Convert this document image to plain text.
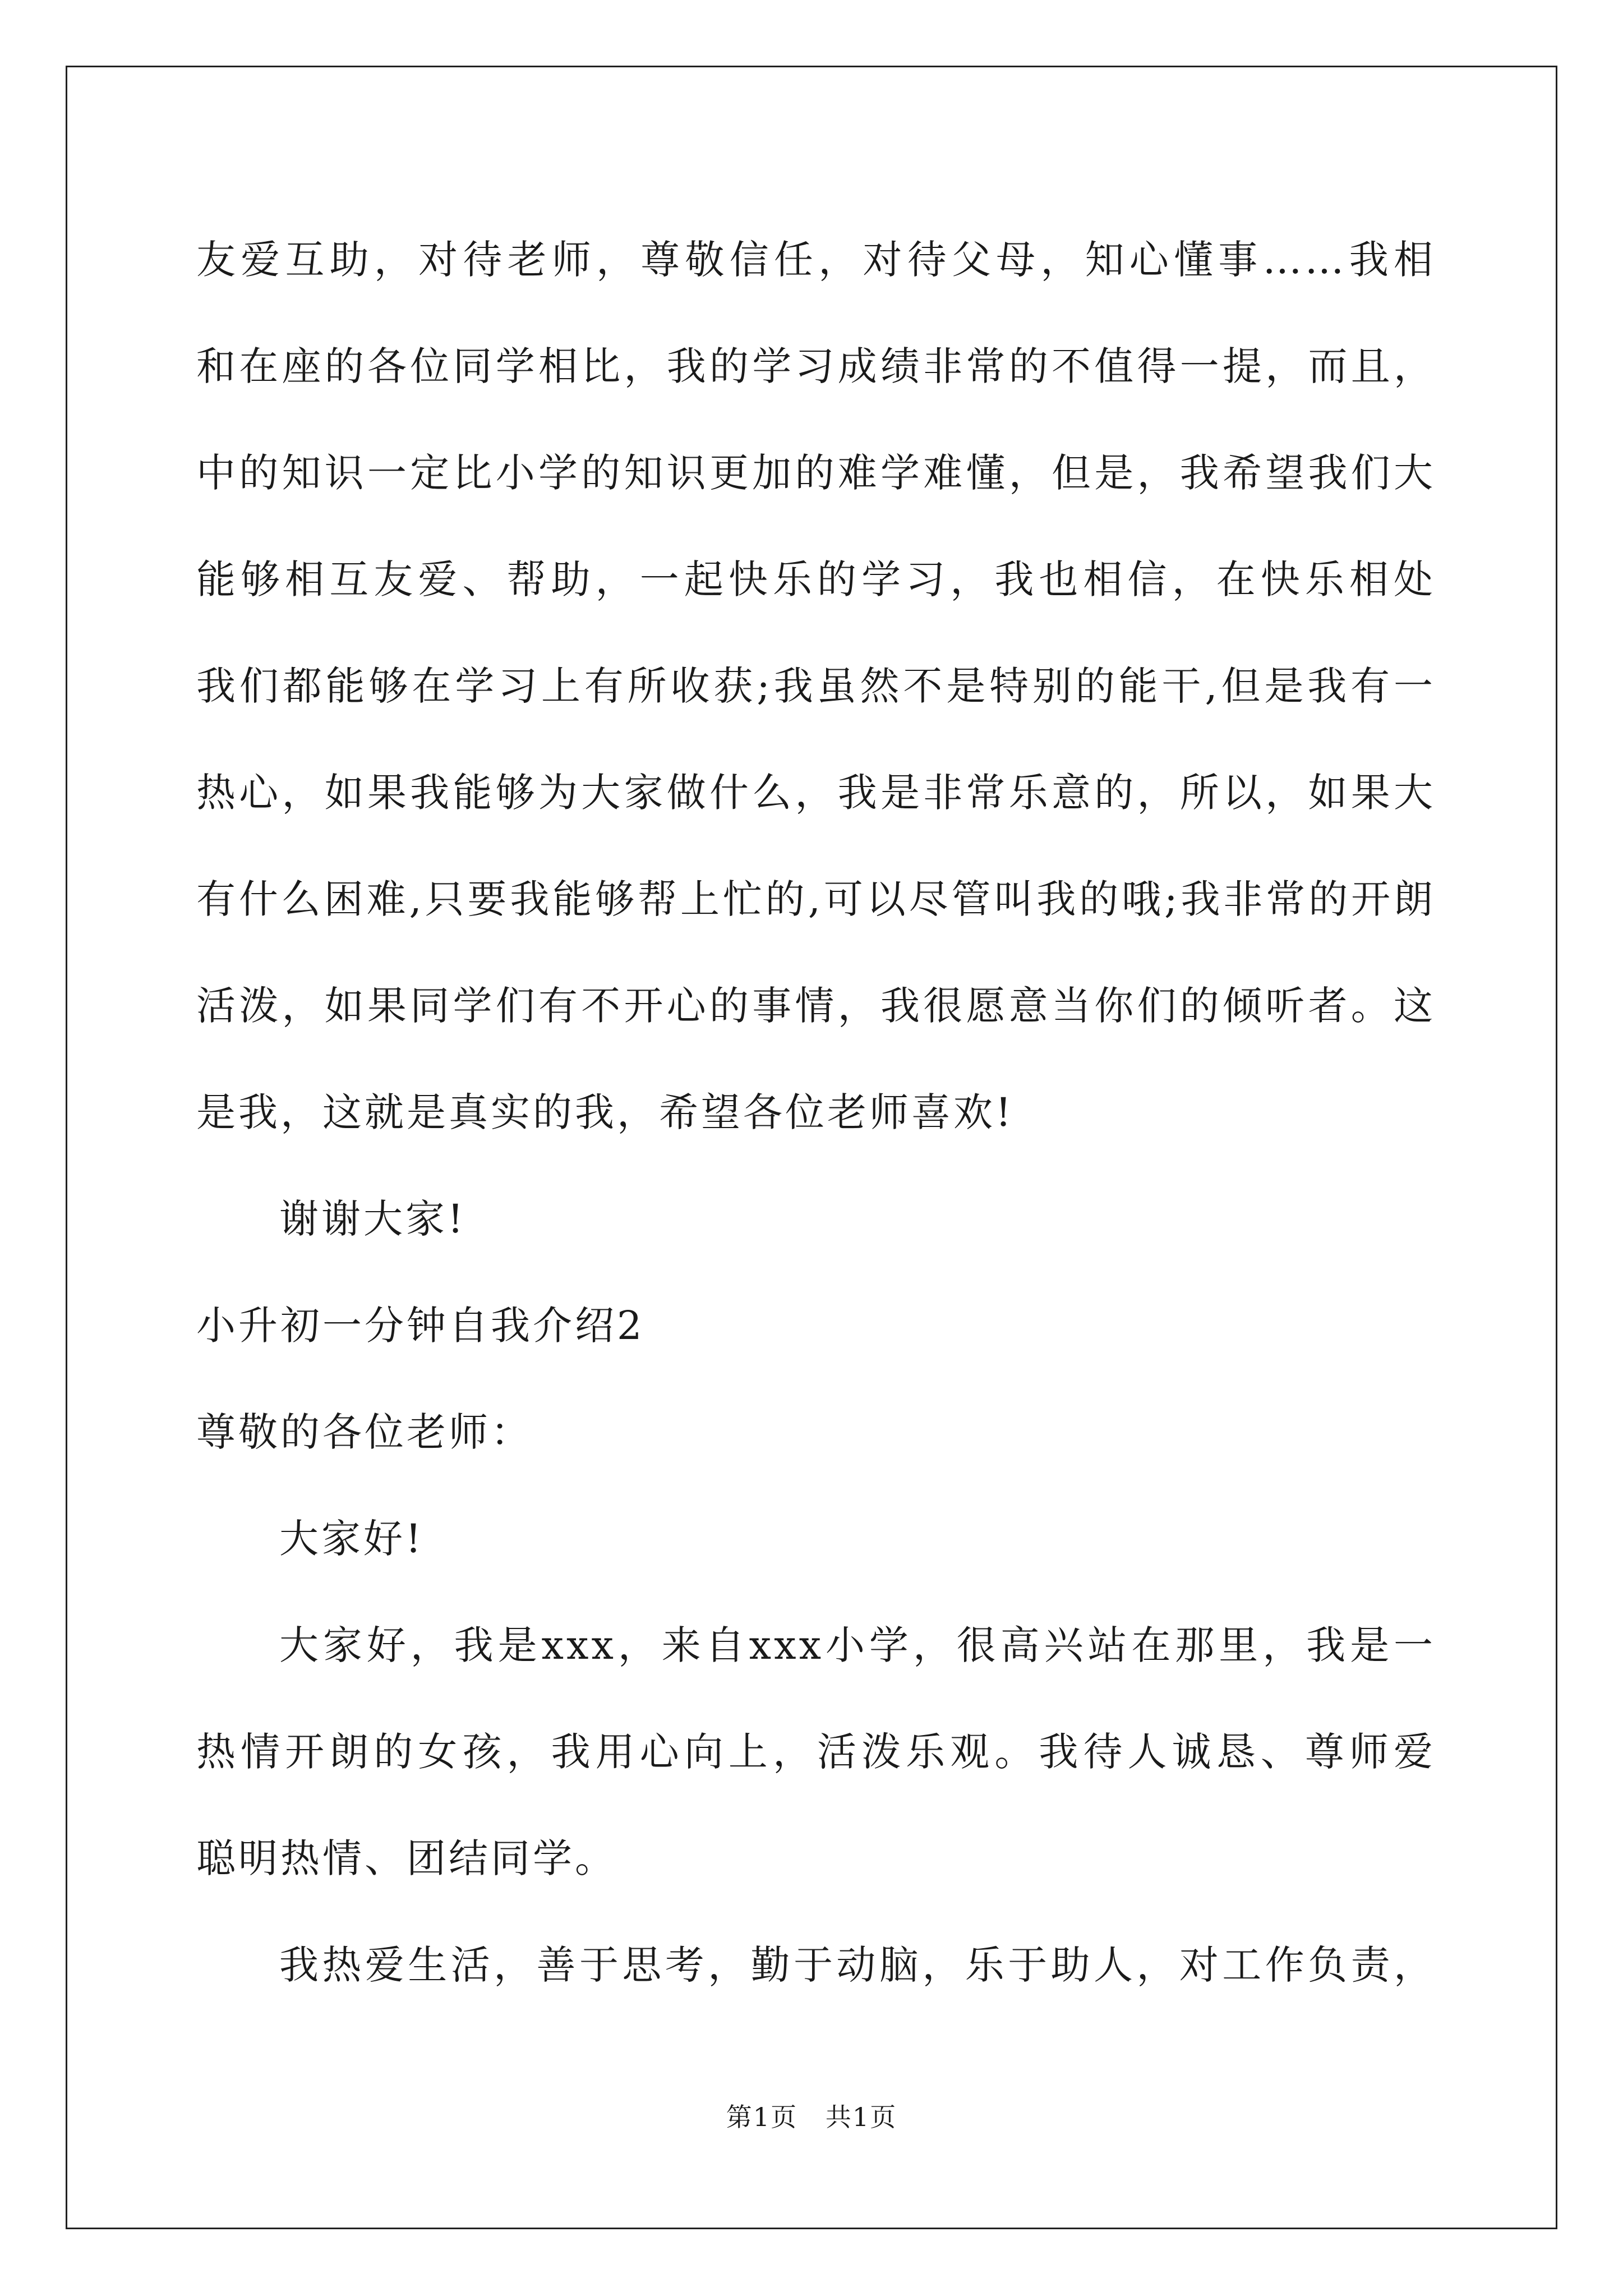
友爱互助，对待老师，尊敬信任，对待父母，知心懂事……我相
和在座的各位同学相比，我的学习成绩非常的不值得一提，而且，
中的知识一定比小学的知识更加的难学难懂，但是，我希望我们大
能够相互友爱、帮助，一起快乐的学习，我也相信，在快乐相处
我们都能够在学习上有所收获;我虽然不是特别的能干,但是我有一
热心，如果我能够为大家做什么，我是非常乐意的，所以，如果大
有什么困难,只要我能够帮上忙的,可以尽管叫我的哦;我非常的开朗
活泼，如果同学们有不开心的事情，我很愿意当你们的倾听者。这
是我，这就是真实的我，希望各位老师喜欢!
谢谢大家!
小升初一分钟自我介绍2
尊敬的各位老师：
大家好!
大家好，我是xxx，来自xxx小学，很高兴站在那里，我是一
热情开朗的女孩，我用心向上，活泼乐观。我待人诚恳、尊师爱
聪明热情、团结同学。
我热爱生活，善于思考，勤于动脑，乐于助人，对工作负责，
第1页   共1页
